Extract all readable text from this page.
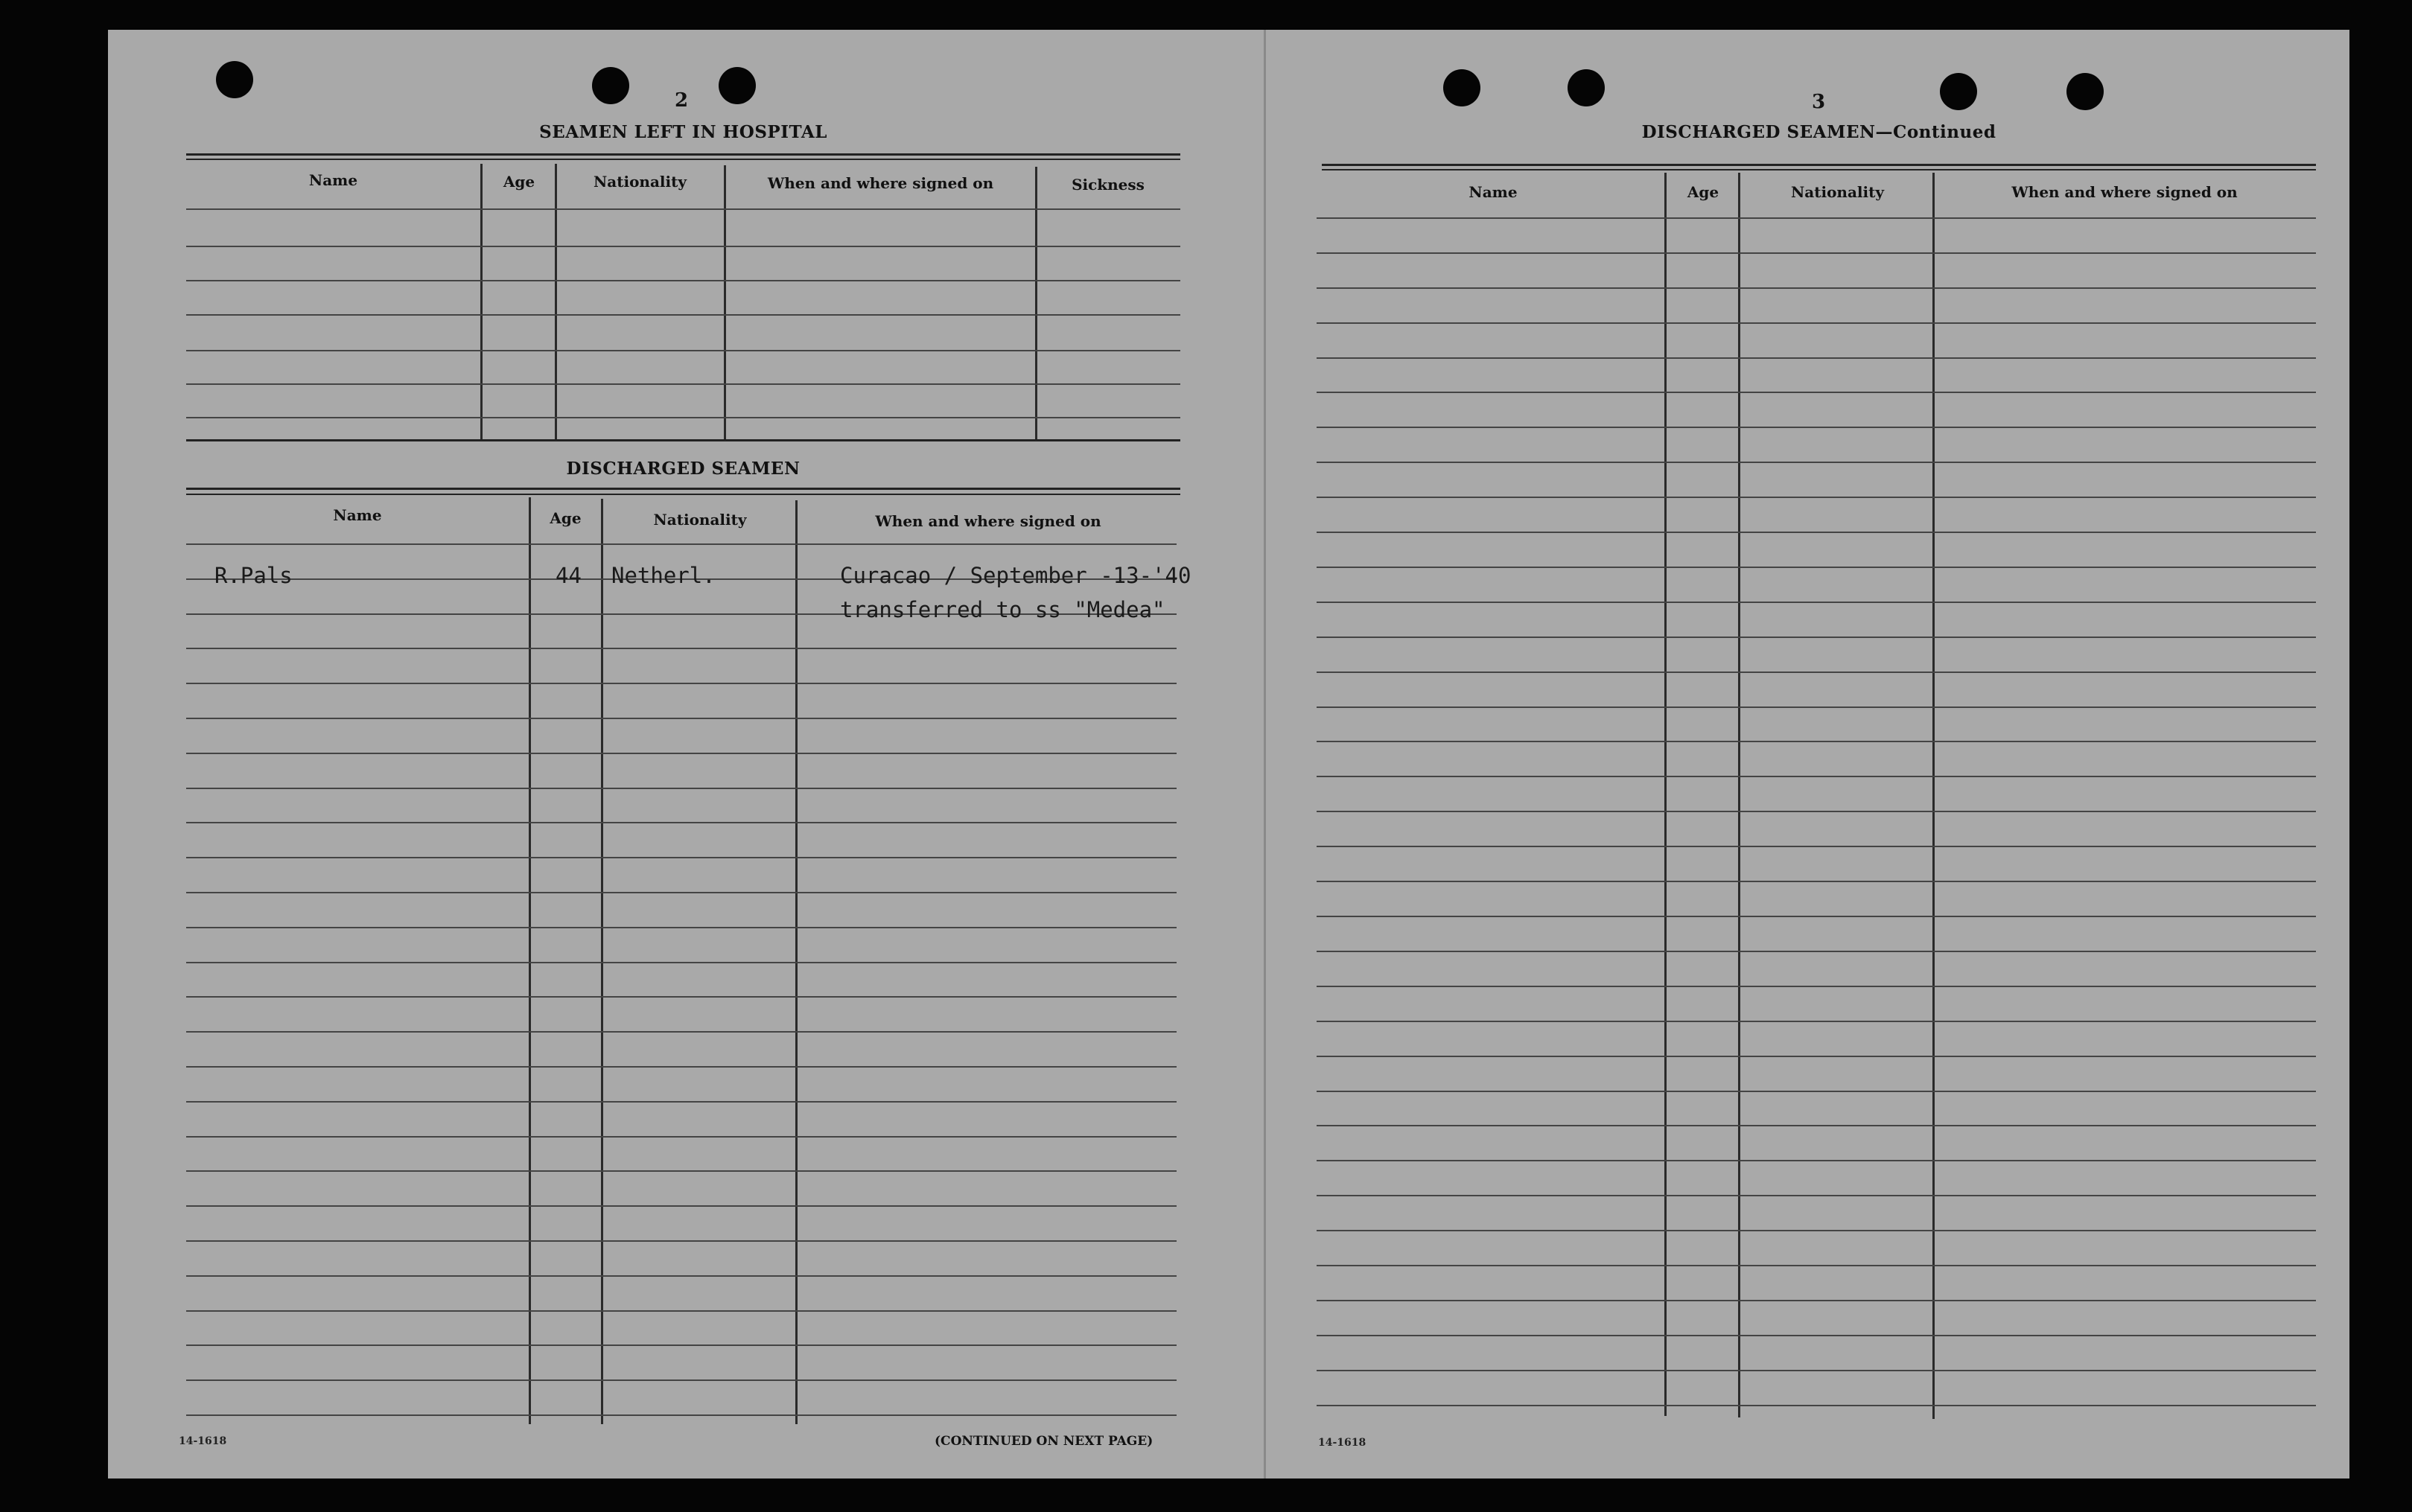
2
SEAMEN LEFT IN HOSPITAL
Name	Age	Nationality	When and where signed on	Sickness
DISCHARGED SEAMEN
Name	Age	Nationality	When and where signed on
R.Pals	44 Netherl.	Curacao / September -13-'40
transferred to ss "Medea"
14-1618	(CONTINUED ON NEXT PAGE)
3
DISCHARGED SEAMEN—Continued
Name	Age	Nationality	When and where signed on
14-1618
